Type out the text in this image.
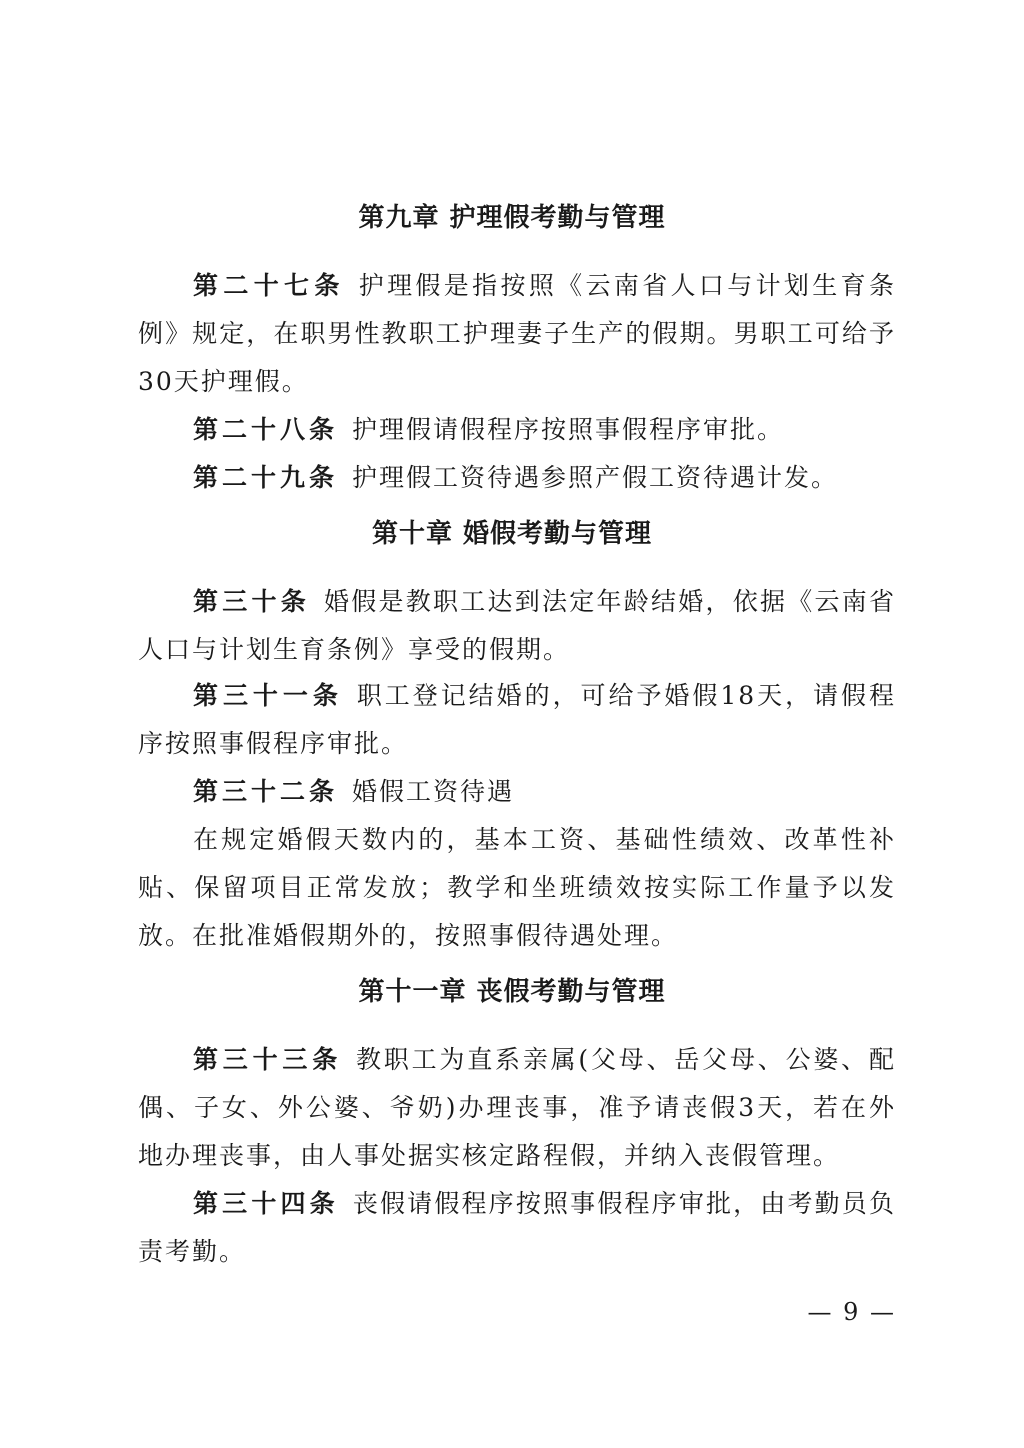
第九章 护理假考勤与管理

第二十七条 护理假是指按照《云南省人口与计划生育条例》规定，在职男性教职工护理妻子生产的假期。男职工可给予30天护理假。

第二十八条 护理假请假程序按照事假程序审批。

第二十九条 护理假工资待遇参照产假工资待遇计发。

第十章 婚假考勤与管理

第三十条 婚假是教职工达到法定年龄结婚，依据《云南省人口与计划生育条例》享受的假期。

第三十一条 职工登记结婚的，可给予婚假18天，请假程序按照事假程序审批。

第三十二条 婚假工资待遇

在规定婚假天数内的，基本工资、基础性绩效、改革性补贴、保留项目正常发放；教学和坐班绩效按实际工作量予以发放。在批准婚假期外的，按照事假待遇处理。

第十一章 丧假考勤与管理

第三十三条 教职工为直系亲属(父母、岳父母、公婆、配偶、子女、外公婆、爷奶)办理丧事，准予请丧假3天，若在外地办理丧事，由人事处据实核定路程假，并纳入丧假管理。

第三十四条 丧假请假程序按照事假程序审批，由考勤员负责考勤。

— 9 —
